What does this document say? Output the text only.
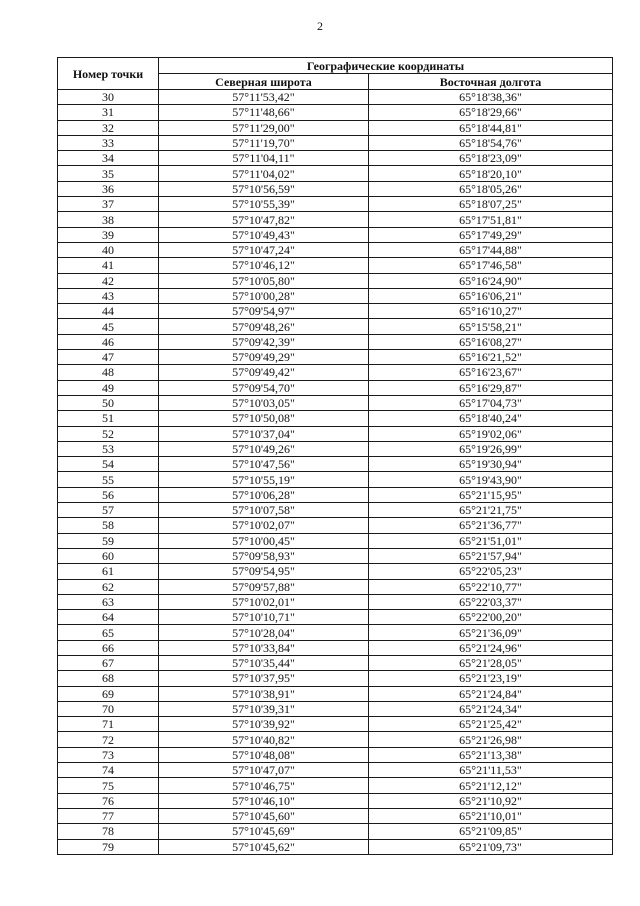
2
Номер точки	Географические координаты	
	Северная широта	Восточная долгота
30	57°11'53,42"	65°18'38,36"
31	57°11'48,66"	65°18'29,66"
32	57°11'29,00"	65°18'44,81"
33	57°11'19,70"	65°18'54,76"
34	57°11'04,11"	65°18'23,09"
35	57°11'04,02"	65°18'20,10"
36	57°10'56,59"	65°18'05,26"
37	57°10'55,39"	65°18'07,25"
38	57°10'47,82"	65°17'51,81"
39	57°10'49,43"	65°17'49,29"
40	57°10'47,24"	65°17'44,88"
41	57°10'46,12"	65°17'46,58"
42	57°10'05,80"	65°16'24,90"
43	57°10'00,28"	65°16'06,21"
44	57°09'54,97"	65°16'10,27"
45	57°09'48,26"	65°15'58,21"
46	57°09'42,39"	65°16'08,27"
47	57°09'49,29"	65°16'21,52"
48	57°09'49,42"	65°16'23,67"
49	57°09'54,70"	65°16'29,87"
50	57°10'03,05"	65°17'04,73"
51	57°10'50,08"	65°18'40,24"
52	57°10'37,04"	65°19'02,06"
53	57°10'49,26"	65°19'26,99"
54	57°10'47,56"	65°19'30,94"
55	57°10'55,19"	65°19'43,90"
56	57°10'06,28"	65°21'15,95"
57	57°10'07,58"	65°21'21,75"
58	57°10'02,07"	65°21'36,77"
59	57°10'00,45"	65°21'51,01"
60	57°09'58,93"	65°21'57,94"
61	57°09'54,95"	65°22'05,23"
62	57°09'57,88"	65°22'10,77"
63	57°10'02,01"	65°22'03,37"
64	57°10'10,71"	65°22'00,20"
65	57°10'28,04"	65°21'36,09"
66	57°10'33,84"	65°21'24,96"
67	57°10'35,44"	65°21'28,05"
68	57°10'37,95"	65°21'23,19"
69	57°10'38,91"	65°21'24,84"
70	57°10'39,31"	65°21'24,34"
71	57°10'39,92"	65°21'25,42"
72	57°10'40,82"	65°21'26,98"
73	57°10'48,08"	65°21'13,38"
74	57°10'47,07"	65°21'11,53"
75	57°10'46,75"	65°21'12,12"
76	57°10'46,10"	65°21'10,92"
77	57°10'45,60"	65°21'10,01"
78	57°10'45,69"	65°21'09,85"
79	57°10'45,62"	65°21'09,73"
